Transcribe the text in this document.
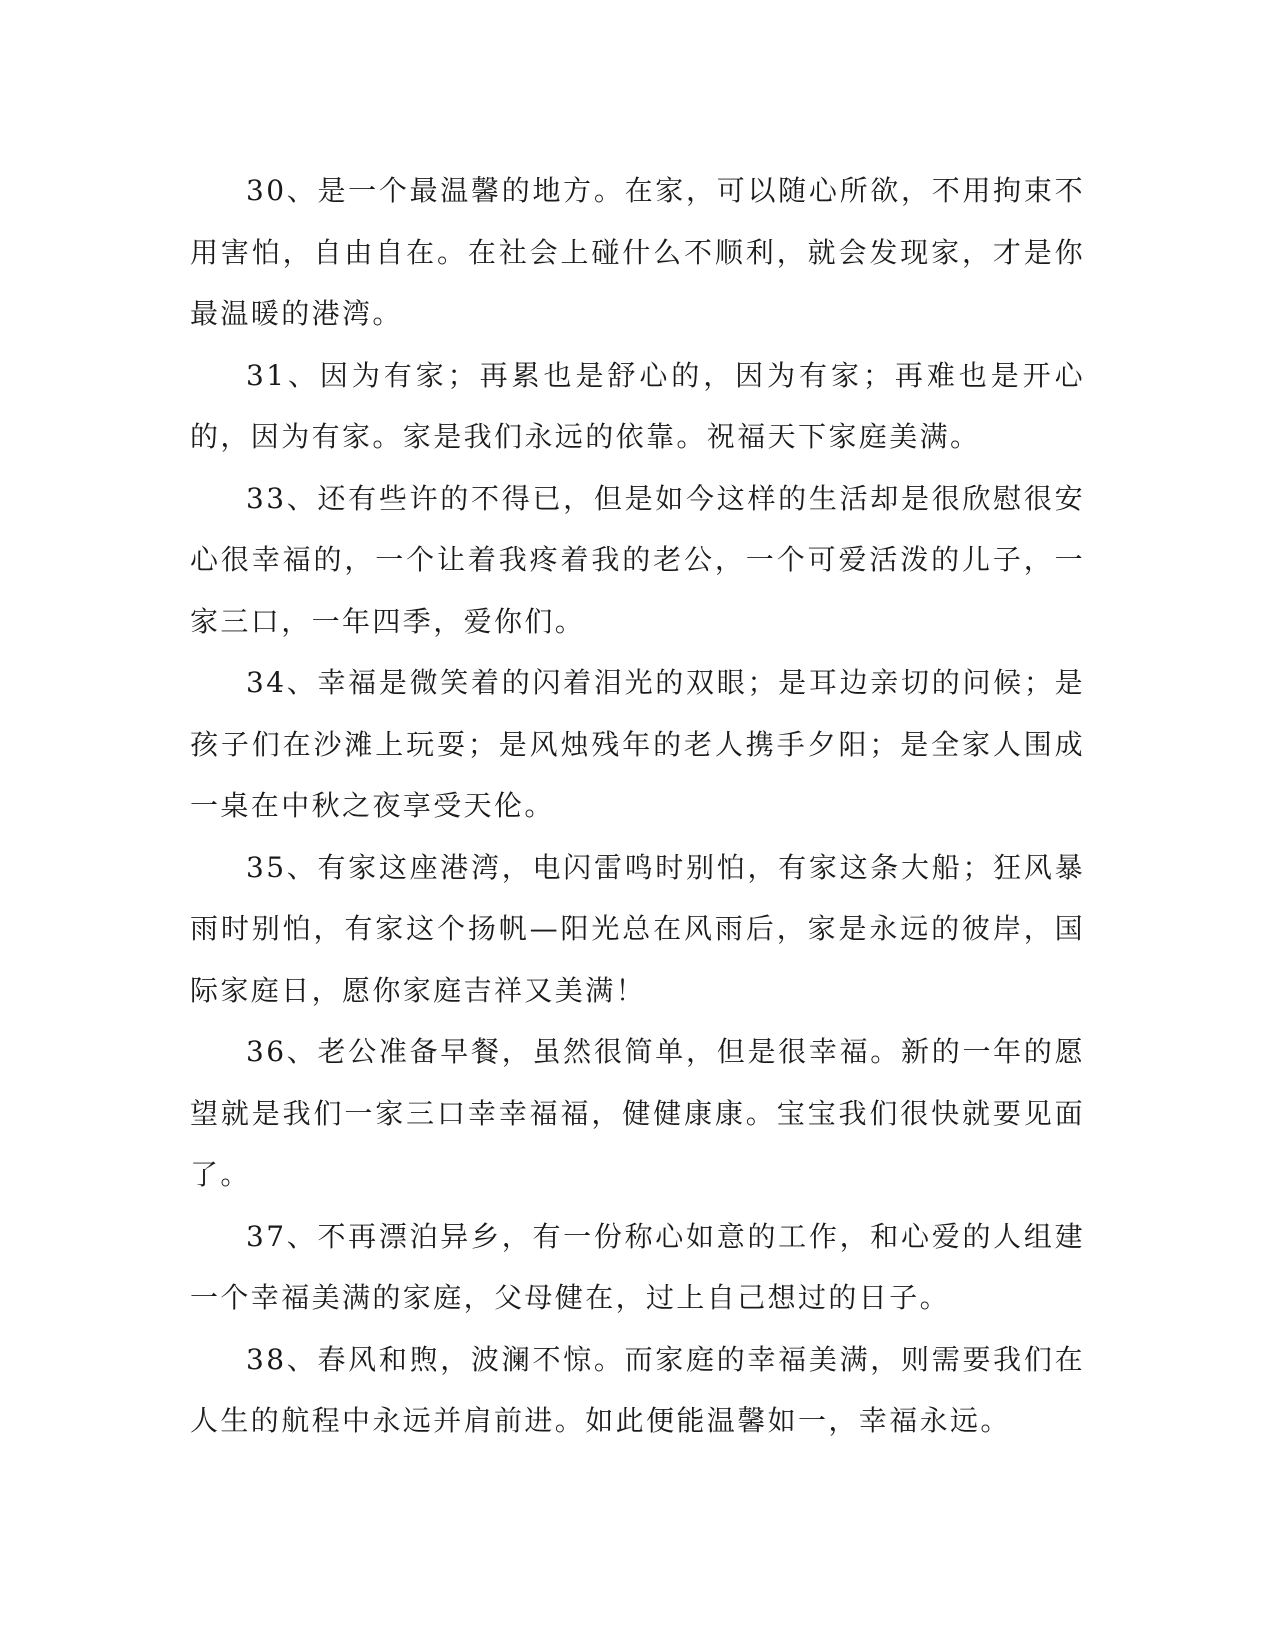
30、是一个最温馨的地方。在家，可以随心所欲，不用拘束不用害怕，自由自在。在社会上碰什么不顺利，就会发现家，才是你最温暖的港湾。

31、因为有家；再累也是舒心的，因为有家；再难也是开心的，因为有家。家是我们永远的依靠。祝福天下家庭美满。

33、还有些许的不得已，但是如今这样的生活却是很欣慰很安心很幸福的，一个让着我疼着我的老公，一个可爱活泼的儿子，一家三口，一年四季，爱你们。

34、幸福是微笑着的闪着泪光的双眼；是耳边亲切的问候；是孩子们在沙滩上玩耍；是风烛残年的老人携手夕阳；是全家人围成一桌在中秋之夜享受天伦。

35、有家这座港湾，电闪雷鸣时别怕，有家这条大船；狂风暴雨时别怕，有家这个扬帆—阳光总在风雨后，家是永远的彼岸，国际家庭日，愿你家庭吉祥又美满！

36、老公准备早餐，虽然很简单，但是很幸福。新的一年的愿望就是我们一家三口幸幸福福，健健康康。宝宝我们很快就要见面了。

37、不再漂泊异乡，有一份称心如意的工作，和心爱的人组建一个幸福美满的家庭，父母健在，过上自己想过的日子。

38、春风和煦，波澜不惊。而家庭的幸福美满，则需要我们在人生的航程中永远并肩前进。如此便能温馨如一，幸福永远。
